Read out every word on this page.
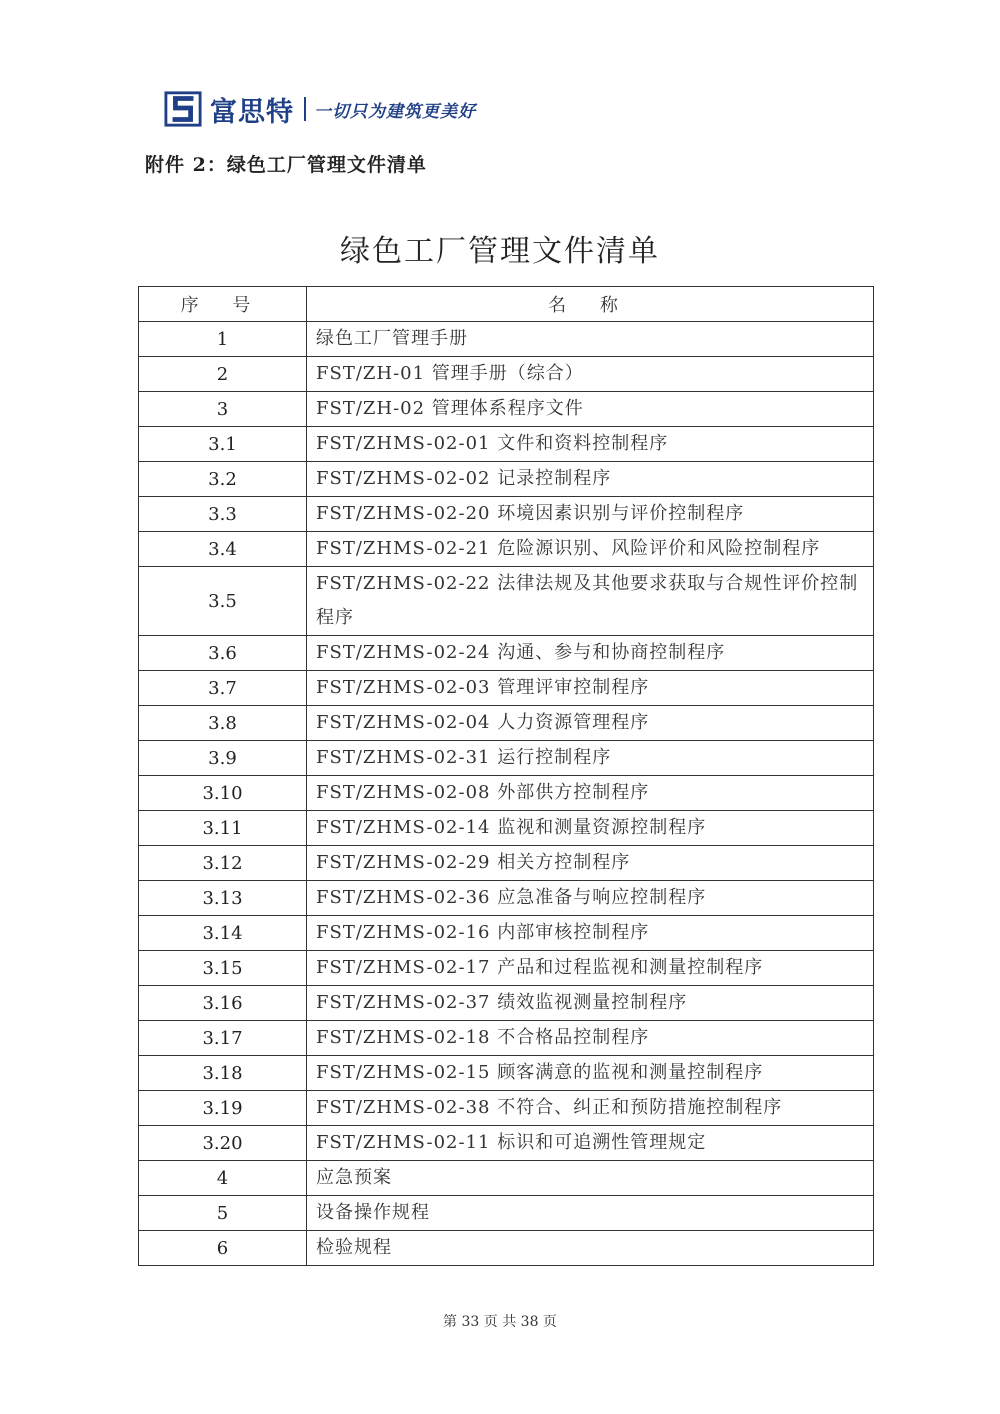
富思特 一切只为建筑更美好
附件 2：绿色工厂管理文件清单
绿色工厂管理文件清单
序 号	名 称
1	绿色工厂管理手册
2	FST/ZH-01 管理手册（综合）
3	FST/ZH-02 管理体系程序文件
3.1	FST/ZHMS-02-01 文件和资料控制程序
3.2	FST/ZHMS-02-02 记录控制程序
3.3	FST/ZHMS-02-20 环境因素识别与评价控制程序
3.4	FST/ZHMS-02-21 危险源识别、风险评价和风险控制程序
3.5	FST/ZHMS-02-22 法律法规及其他要求获取与合规性评价控制程序
3.6	FST/ZHMS-02-24 沟通、参与和协商控制程序
3.7	FST/ZHMS-02-03 管理评审控制程序
3.8	FST/ZHMS-02-04 人力资源管理程序
3.9	FST/ZHMS-02-31 运行控制程序
3.10	FST/ZHMS-02-08 外部供方控制程序
3.11	FST/ZHMS-02-14 监视和测量资源控制程序
3.12	FST/ZHMS-02-29 相关方控制程序
3.13	FST/ZHMS-02-36 应急准备与响应控制程序
3.14	FST/ZHMS-02-16 内部审核控制程序
3.15	FST/ZHMS-02-17 产品和过程监视和测量控制程序
3.16	FST/ZHMS-02-37 绩效监视测量控制程序
3.17	FST/ZHMS-02-18 不合格品控制程序
3.18	FST/ZHMS-02-15 顾客满意的监视和测量控制程序
3.19	FST/ZHMS-02-38 不符合、纠正和预防措施控制程序
3.20	FST/ZHMS-02-11 标识和可追溯性管理规定
4	应急预案
5	设备操作规程
6	检验规程
第 33 页 共 38 页
